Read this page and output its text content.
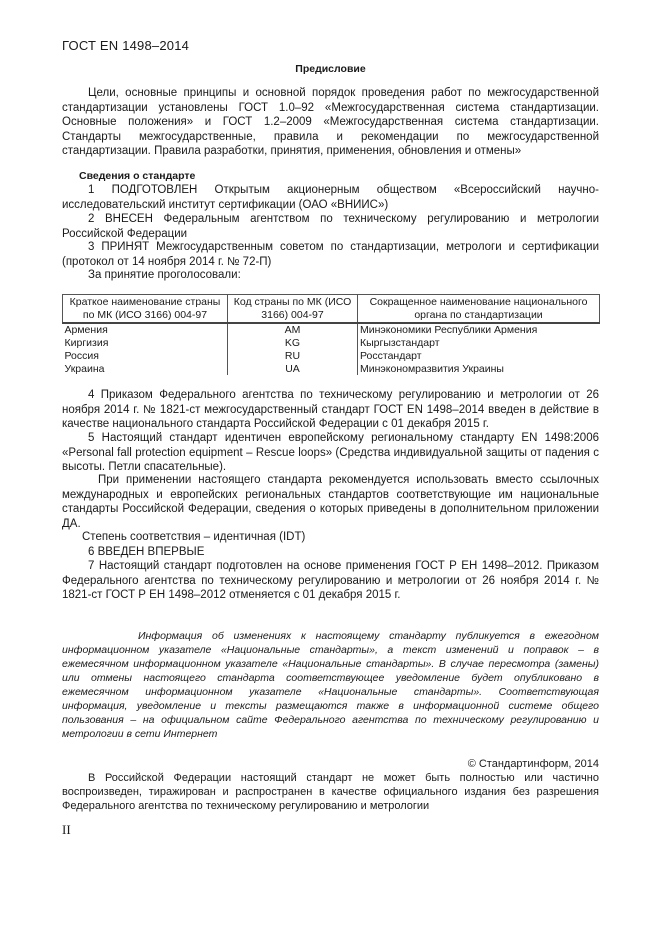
ГОСТ EN 1498–2014
Предисловие
Цели, основные принципы и основной порядок проведения работ по межгосударственной стандартизации установлены ГОСТ 1.0–92 «Межгосударственная система стандартизации. Основные положения» и ГОСТ 1.2–2009 «Межгосударственная система стандартизации. Стандарты межгосударственные, правила и рекомендации по межгосударственной стандартизации. Правила разработки, принятия, применения, обновления и отмены»
Сведения о стандарте
1 ПОДГОТОВЛЕН Открытым акционерным обществом «Всероссийский научно-исследовательский институт сертификации (ОАО «ВНИИС»)
2 ВНЕСЕН Федеральным агентством по техническому регулированию и метрологии Российской Федерации
3 ПРИНЯТ Межгосударственным советом по стандартизации, метрологи и сертификации (протокол от 14 ноября 2014 г. № 72-П)
За принятие проголосовали:
Краткое наименование страны по МК (ИСО 3166) 004-97	Код страны по МК (ИСО 3166) 004-97	Сокращенное наименование национального органа по стандартизации
Армения	AM	Минэкономики Республики Армения
Киргизия	KG	Кыргызстандарт
Россия	RU	Росстандарт
Украина	UA	Минэкономразвития Украины
4 Приказом Федерального агентства по техническому регулированию и метрологии от 26 ноября 2014 г. № 1821-ст межгосударственный стандарт ГОСТ EN 1498–2014 введен в действие в качестве национального стандарта Российской Федерации с 01 декабря 2015 г.
5 Настоящий стандарт идентичен европейскому региональному стандарту EN 1498:2006 «Personal fall protection equipment – Rescue loops» (Средства индивидуальной защиты от падения с высоты. Петли спасательные).
При применении настоящего стандарта рекомендуется использовать вместо ссылочных международных и европейских региональных стандартов соответствующие им национальные стандарты Российской Федерации, сведения о которых приведены в дополнительном приложении ДА.
Степень соответствия – идентичная (IDT)
6 ВВЕДЕН ВПЕРВЫЕ
7 Настоящий стандарт подготовлен на основе применения ГОСТ Р ЕН 1498–2012. Приказом Федерального агентства по техническому регулированию и метрологии от 26 ноября 2014 г. № 1821-ст ГОСТ Р ЕН 1498–2012 отменяется с 01 декабря 2015 г.
Информация об изменениях к настоящему стандарту публикуется в ежегодном информационном указателе «Национальные стандарты», а текст изменений и поправок – в ежемесячном информационном указателе «Национальные стандарты». В случае пересмотра (замены) или отмены настоящего стандарта соответствующее уведомление будет опубликовано в ежемесячном информационном указателе «Национальные стандарты». Соответствующая информация, уведомление и тексты размещаются также в информационной системе общего пользования – на официальном сайте Федерального агентства по техническому регулированию и метрологии в сети Интернет
© Стандартинформ, 2014
В Российской Федерации настоящий стандарт не может быть полностью или частично воспроизведен, тиражирован и распространен в качестве официального издания без разрешения Федерального агентства по техническому регулированию и метрологии
II
